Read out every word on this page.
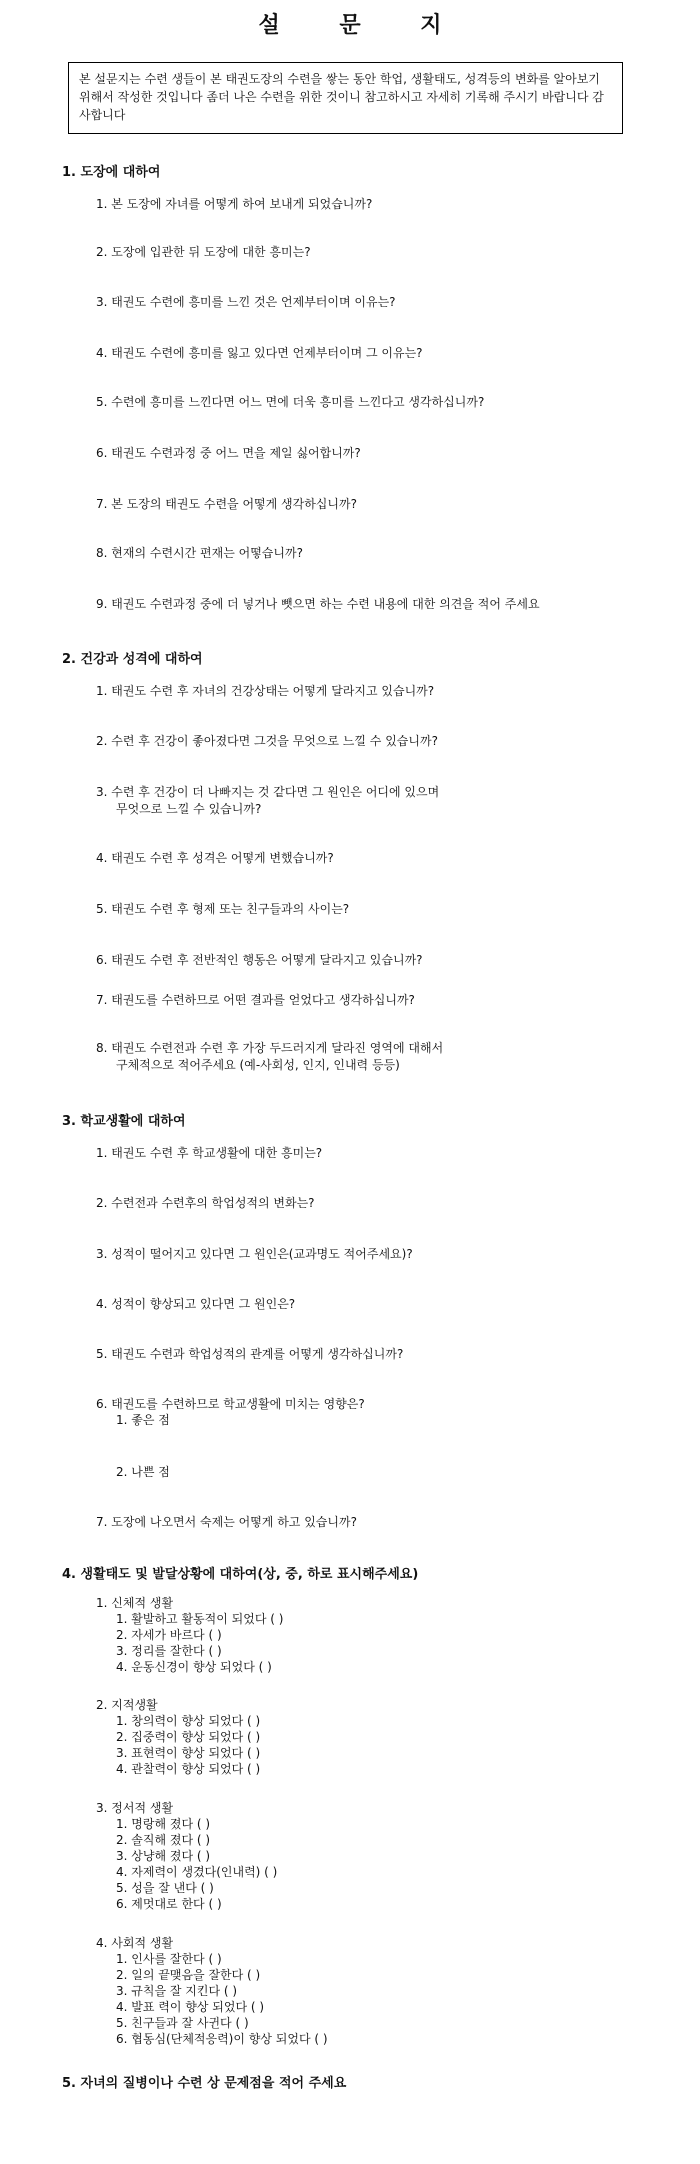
설 문 지
본 설문지는 수련 생들이 본 태권도장의 수련을 쌓는 동안 학업, 생활태도, 성격등의 변화를 알아보기 위해서 작성한 것입니다 좀더 나은 수련을 위한 것이니 참고하시고 자세히 기록해 주시기 바랍니다 감사합니다
1. 도장에 대하여
1. 본 도장에 자녀를 어떻게 하여 보내게 되었습니까?
2. 도장에 입관한 뒤 도장에 대한 흥미는?
3. 태권도 수련에 흥미를 느낀 것은 언제부터이며 이유는?
4. 태권도 수련에 흥미를 잃고 있다면 언제부터이며 그 이유는?
5. 수련에 흥미를 느낀다면 어느 면에 더욱 흥미를 느낀다고 생각하십니까?
6. 태권도 수련과정 중 어느 면을 제일 싫어합니까?
7. 본 도장의 태권도 수련을 어떻게 생각하십니까?
8. 현재의 수련시간 편재는 어떻습니까?
9. 태권도 수련과정 중에 더 넣거나 뺏으면 하는 수련 내용에 대한 의견을 적어 주세요
2. 건강과 성격에 대하여
1. 태권도 수련 후 자녀의 건강상태는 어떻게 달라지고 있습니까?
2. 수련 후 건강이 좋아졌다면 그것을 무엇으로 느낄 수 있습니까?
3. 수련 후 건강이 더 나빠지는 것 같다면 그 원인은 어디에 있으며
무엇으로 느낄 수 있습니까?
4. 태권도 수련 후 성격은 어떻게 변했습니까?
5. 태권도 수련 후 형제 또는 친구들과의 사이는?
6. 태권도 수련 후 전반적인 행동은 어떻게 달라지고 있습니까?
7. 태권도를 수련하므로 어떤 결과를 얻었다고 생각하십니까?
8. 태권도 수련전과 수련 후 가장 두드러지게 달라진 영역에 대해서
구체적으로 적어주세요 (예-사회성, 인지, 인내력 등등)
3. 학교생활에 대하여
1. 태권도 수련 후 학교생활에 대한 흥미는?
2. 수련전과 수련후의 학업성적의 변화는?
3. 성적이 떨어지고 있다면 그 원인은(교과명도 적어주세요)?
4. 성적이 향상되고 있다면 그 원인은?
5. 태권도 수련과 학업성적의 관계를 어떻게 생각하십니까?
6. 태권도를 수련하므로 학교생활에 미치는 영향은?
1. 좋은 점
2. 나쁜 점
7. 도장에 나오면서 숙제는 어떻게 하고 있습니까?
4. 생활태도 및 발달상황에 대하여(상, 중, 하로 표시해주세요)
1. 신체적 생활
1. 활발하고 활동적이 되었다 ( )
2. 자세가 바르다 ( )
3. 정리를 잘한다 ( )
4. 운동신경이 향상 되었다 ( )
2. 지적생활
1. 창의력이 향상 되었다 ( )
2. 집중력이 향상 되었다 ( )
3. 표현력이 향상 되었다 ( )
4. 관찰력이 향상 되었다 ( )
3. 정서적 생활
1. 명랑해 졌다 ( )
2. 솔직해 졌다 ( )
3. 상냥해 졌다 ( )
4. 자제력이 생겼다(인내력) ( )
5. 성을 잘 낸다 ( )
6. 제멋대로 한다 ( )
4. 사회적 생활
1. 인사를 잘한다 ( )
2. 일의 끝맺음을 잘한다 ( )
3. 규칙을 잘 지킨다 ( )
4. 발표 력이 향상 되었다 ( )
5. 친구들과 잘 사귄다 ( )
6. 협동심(단체적응력)이 향상 되었다 ( )
5. 자녀의 질병이나 수련 상 문제점을 적어 주세요
